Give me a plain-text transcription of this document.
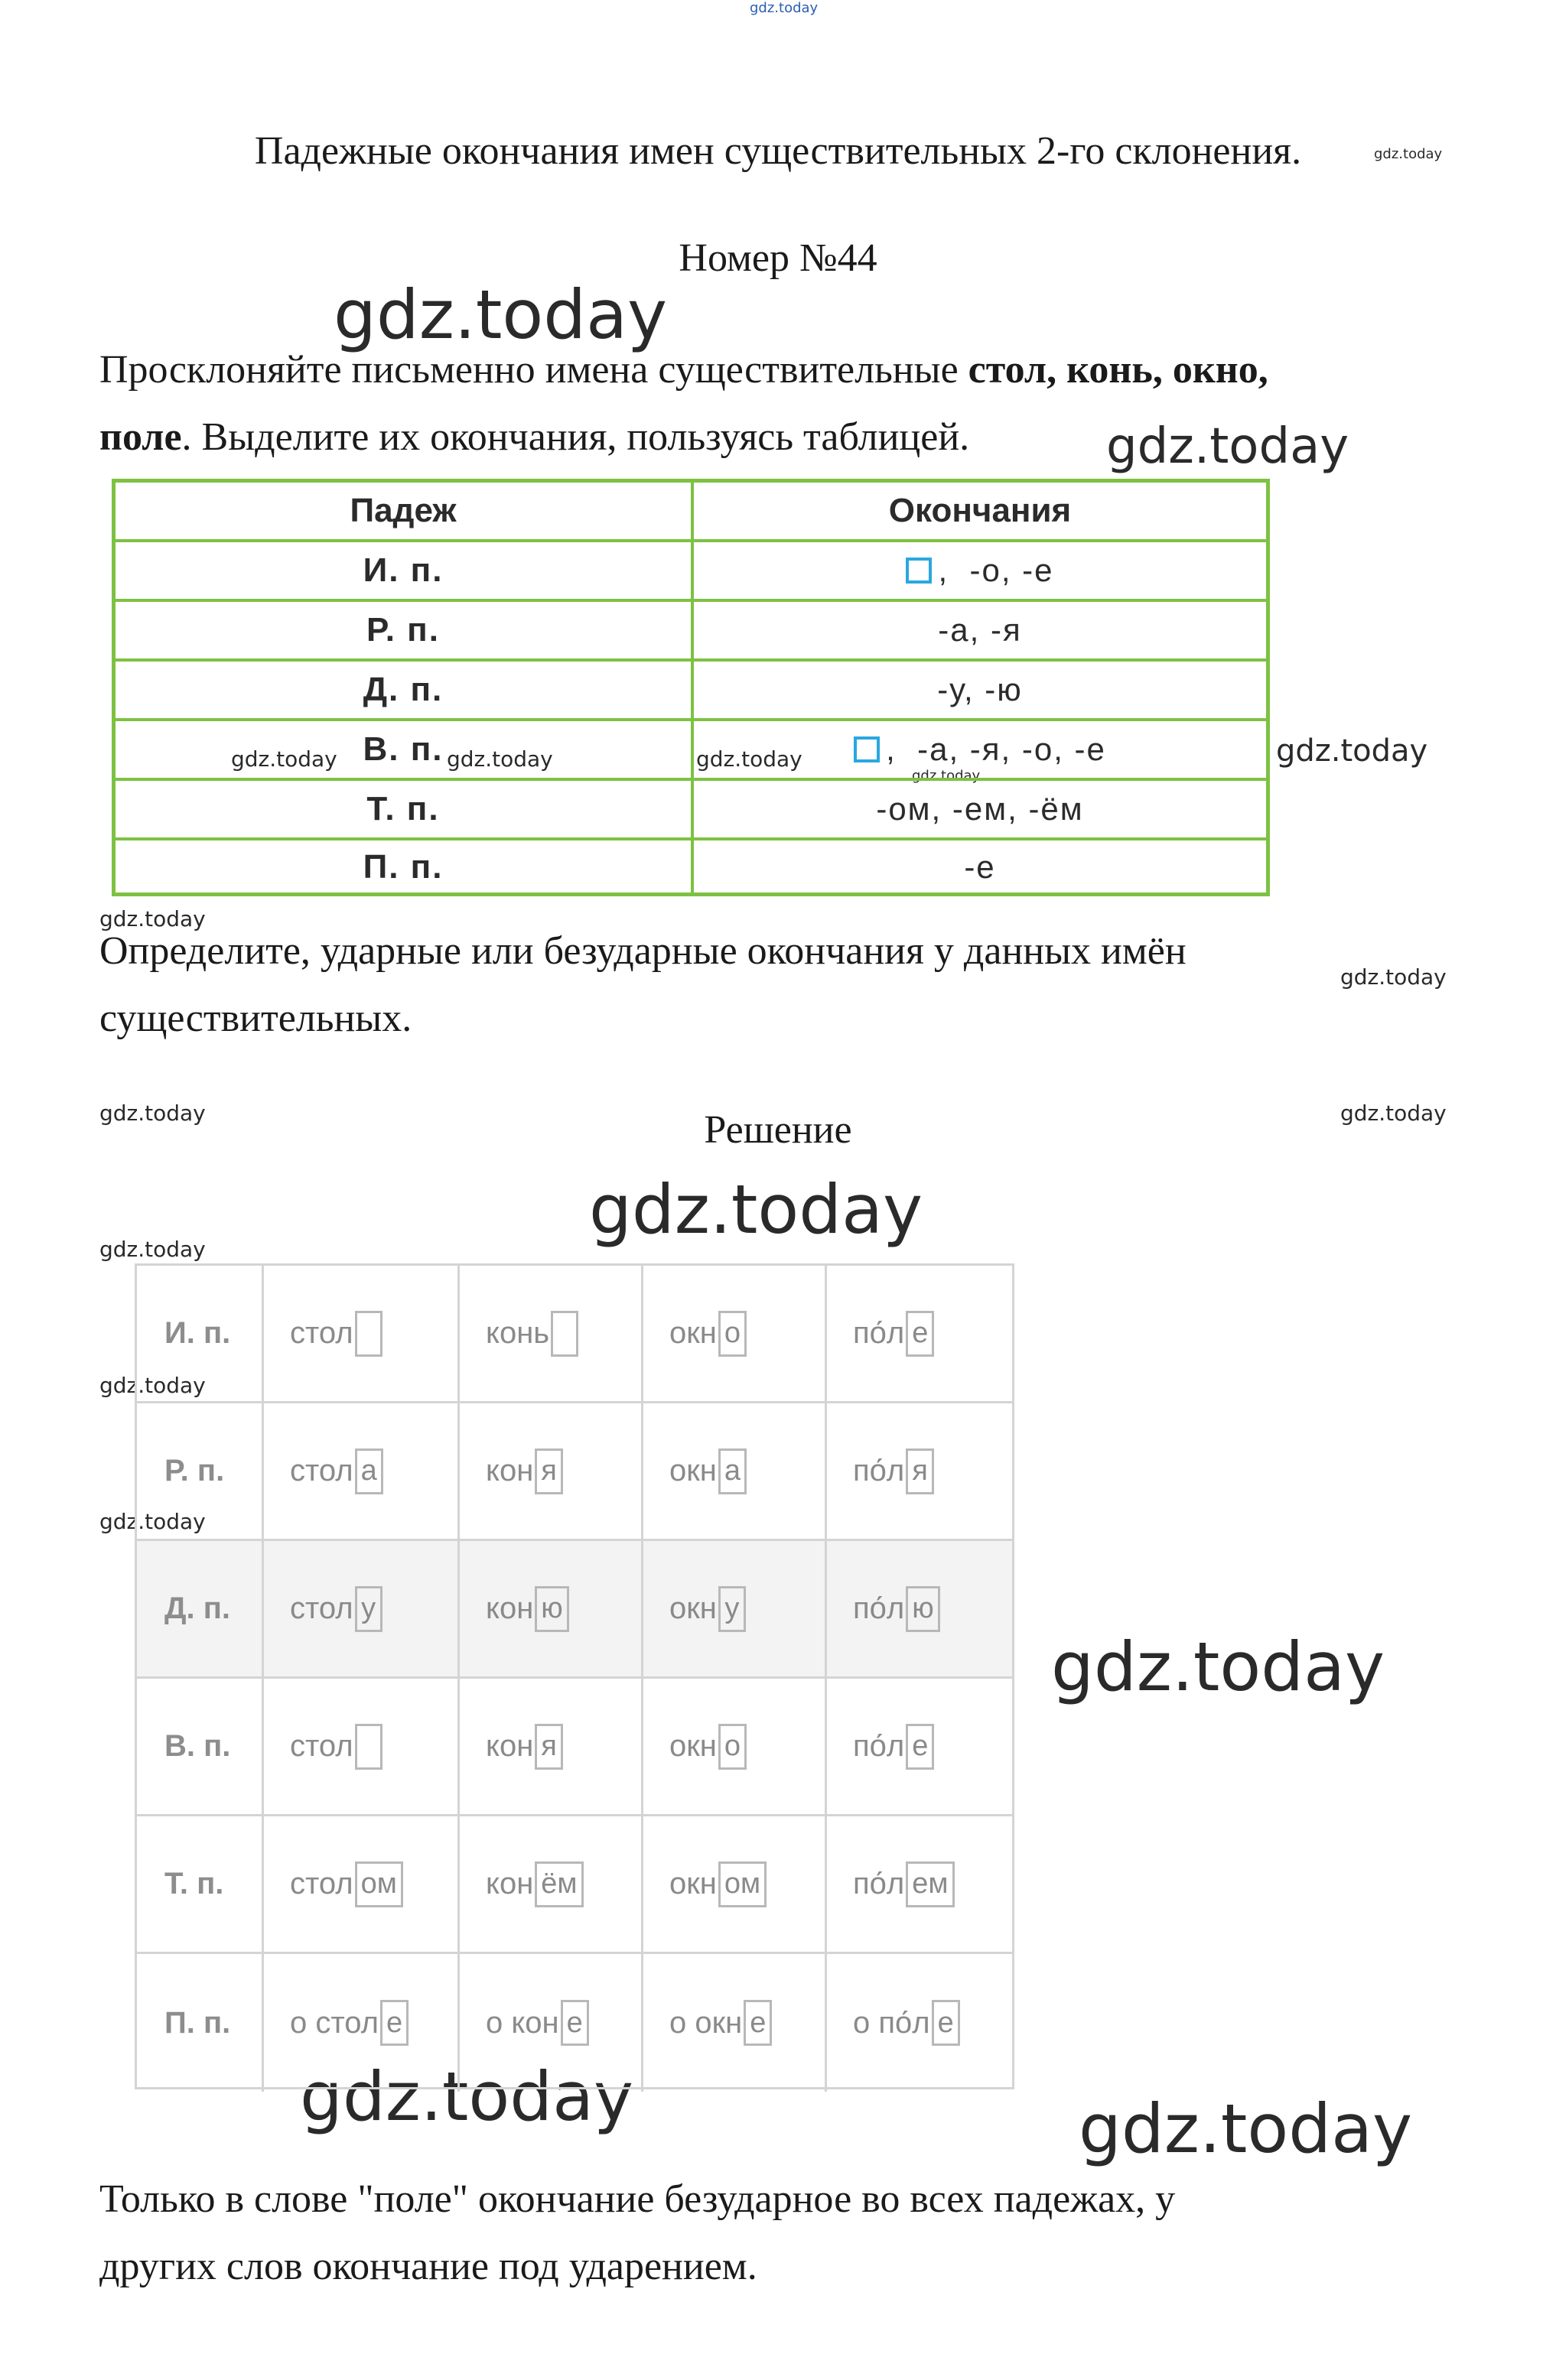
gdz.today
gdz.today
gdz.today
gdz.today
gdz.today	gdz.today	gdz.today
gdz.today
gdz.today
gdz.today
gdz.today
gdz.today	gdz.today
gdz.today
gdz.today
gdz.today
gdz.today
gdz.today
gdz.today	gdz.today
Падежные окончания имен существительных 2-го склонения.
Номер №44
Просклоняйте письменно имена существительные стол, конь, окно,
поле. Выделите их окончания, пользуясь таблицей.
Падеж	Окончания
И. п.	, -о, -е
Р. п.	-а, -я
Д. п.	-у, -ю
В. п.	, -а, -я, -о, -е
Т. п.	-ом, -ем, -ём
П. п.	-е
Определите, ударные или безударные окончания у данных имён
существительных.
Решение
И. п.	стол	конь	окн о	по́л е
Р. п.	стол а	кон я	окн а	по́л я
Д. п.	стол у	кон ю	окн у	по́л ю
В. п.	стол	кон я	окн о	по́л е
Т. п.	стол ом	кон ём	окн ом	по́л ем
П. п.	о стол е	о кон е	о окн е	о по́л е
Только в слове "поле" окончание безударное во всех падежах, у
других слов окончание под ударением.
